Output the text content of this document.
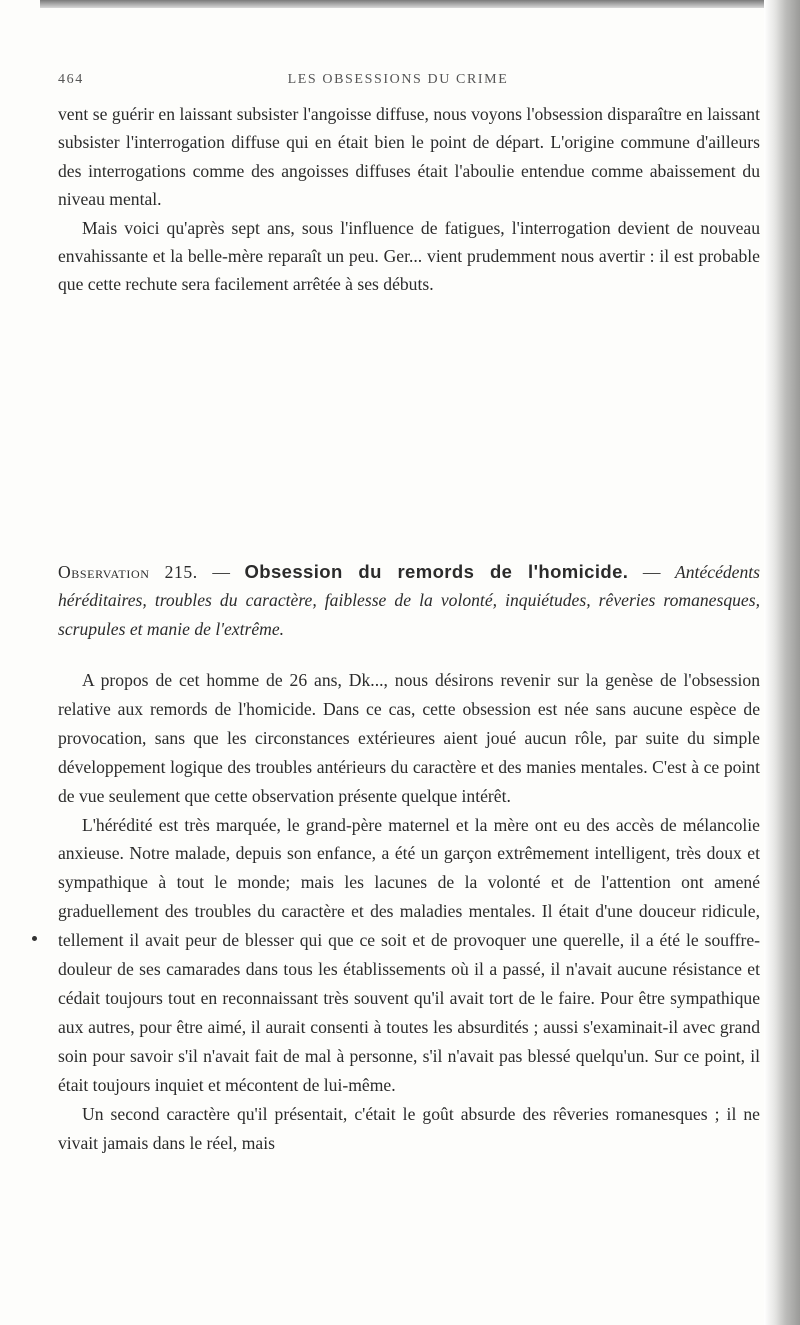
464	LES OBSESSIONS DU CRIME

vent se guérir en laissant subsister l'angoisse diffuse, nous voyons l'obsession disparaître en laissant subsister l'interrogation diffuse qui en était bien le point de départ. L'origine commune d'ailleurs des interrogations comme des angoisses diffuses était l'aboulie entendue comme abaissement du niveau mental.

Mais voici qu'après sept ans, sous l'influence de fatigues, l'interrogation devient de nouveau envahissante et la belle-mère reparaît un peu. Ger... vient prudemment nous avertir : il est probable que cette rechute sera facilement arrêtée à ses débuts.

Observation 215. — Obsession du remords de l'homicide. — Antécédents héréditaires, troubles du caractère, faiblesse de la volonté, inquiétudes, rêveries romanesques, scrupules et manie de l'extrême.

A propos de cet homme de 26 ans, Dk..., nous désirons revenir sur la genèse de l'obsession relative aux remords de l'homicide. Dans ce cas, cette obsession est née sans aucune espèce de provocation, sans que les circonstances extérieures aient joué aucun rôle, par suite du simple développement logique des troubles antérieurs du caractère et des manies mentales. C'est à ce point de vue seulement que cette observation présente quelque intérêt.

L'hérédité est très marquée, le grand-père maternel et la mère ont eu des accès de mélancolie anxieuse. Notre malade, depuis son enfance, a été un garçon extrêmement intelligent, très doux et sympathique à tout le monde; mais les lacunes de la volonté et de l'attention ont amené graduellement des troubles du caractère et des maladies mentales. Il était d'une douceur ridicule, tellement il avait peur de blesser qui que ce soit et de provoquer une querelle, il a été le souffre-douleur de ses camarades dans tous les établissements où il a passé, il n'avait aucune résistance et cédait toujours tout en reconnaissant très souvent qu'il avait tort de le faire. Pour être sympathique aux autres, pour être aimé, il aurait consenti à toutes les absurdités ; aussi s'examinait-il avec grand soin pour savoir s'il n'avait fait de mal à personne, s'il n'avait pas blessé quelqu'un. Sur ce point, il était toujours inquiet et mécontent de lui-même.

Un second caractère qu'il présentait, c'était le goût absurde des rêveries romanesques ; il ne vivait jamais dans le réel, mais
